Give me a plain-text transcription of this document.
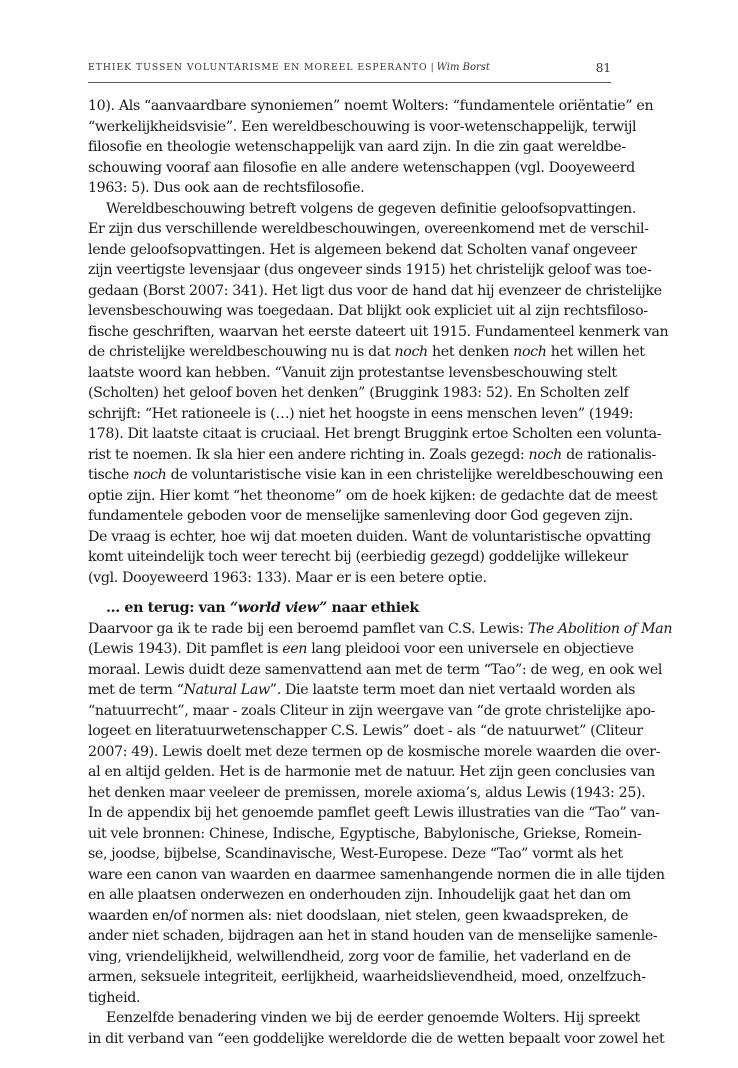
ETHIEK TUSSEN VOLUNTARISME EN MOREEL ESPERANTO | Wim Borst	81
10). Als “aanvaardbare synoniemen” noemt Wolters: “fundamentele oriëntatie” en
“werkelijkheidsvisie”. Een wereldbeschouwing is voor-wetenschappelijk, terwijl
filosofie en theologie wetenschappelijk van aard zijn. In die zin gaat wereldbe-
schouwing vooraf aan filosofie en alle andere wetenschappen (vgl. Dooyeweerd
1963: 5). Dus ook aan de rechtsfilosofie.
Wereldbeschouwing betreft volgens de gegeven definitie geloofsopvattingen.
Er zijn dus verschillende wereldbeschouwingen, overeenkomend met de verschil-
lende geloofsopvattingen. Het is algemeen bekend dat Scholten vanaf ongeveer
zijn veertigste levensjaar (dus ongeveer sinds 1915) het christelijk geloof was toe-
gedaan (Borst 2007: 341). Het ligt dus voor de hand dat hij evenzeer de christelijke
levensbeschouwing was toegedaan. Dat blijkt ook expliciet uit al zijn rechtsfiloso-
fische geschriften, waarvan het eerste dateert uit 1915. Fundamenteel kenmerk van
de christelijke wereldbeschouwing nu is dat noch het denken noch het willen het
laatste woord kan hebben. “Vanuit zijn protestantse levensbeschouwing stelt
(Scholten) het geloof boven het denken” (Bruggink 1983: 52). En Scholten zelf
schrijft: “Het rationeele is (…) niet het hoogste in eens menschen leven” (1949:
178). Dit laatste citaat is cruciaal. Het brengt Bruggink ertoe Scholten een volunta-
rist te noemen. Ik sla hier een andere richting in. Zoals gezegd: noch de rationalis-
tische noch de voluntaristische visie kan in een christelijke wereldbeschouwing een
optie zijn. Hier komt “het theonome” om de hoek kijken: de gedachte dat de meest
fundamentele geboden voor de menselijke samenleving door God gegeven zijn.
De vraag is echter, hoe wij dat moeten duiden. Want de voluntaristische opvatting
komt uiteindelijk toch weer terecht bij (eerbiedig gezegd) goddelijke willekeur
(vgl. Dooyeweerd 1963: 133). Maar er is een betere optie.
… en terug: van “world view” naar ethiek
Daarvoor ga ik te rade bij een beroemd pamflet van C.S. Lewis: The Abolition of Man
(Lewis 1943). Dit pamflet is een lang pleidooi voor een universele en objectieve
moraal. Lewis duidt deze samenvattend aan met de term “Tao”: de weg, en ook wel
met de term “Natural Law”. Die laatste term moet dan niet vertaald worden als
“natuurrecht”, maar - zoals Cliteur in zijn weergave van “de grote christelijke apo-
logeet en literatuurwetenschapper C.S. Lewis” doet - als “de natuurwet” (Cliteur
2007: 49). Lewis doelt met deze termen op de kosmische morele waarden die over-
al en altijd gelden. Het is de harmonie met de natuur. Het zijn geen conclusies van
het denken maar veeleer de premissen, morele axioma’s, aldus Lewis (1943: 25).
In de appendix bij het genoemde pamflet geeft Lewis illustraties van die “Tao” van-
uit vele bronnen: Chinese, Indische, Egyptische, Babylonische, Griekse, Romein-
se, joodse, bijbelse, Scandinavische, West-Europese. Deze “Tao” vormt als het
ware een canon van waarden en daarmee samenhangende normen die in alle tijden
en alle plaatsen onderwezen en onderhouden zijn. Inhoudelijk gaat het dan om
waarden en/of normen als: niet doodslaan, niet stelen, geen kwaadspreken, de
ander niet schaden, bijdragen aan het in stand houden van de menselijke samenle-
ving, vriendelijkheid, welwillendheid, zorg voor de familie, het vaderland en de
armen, seksuele integriteit, eerlijkheid, waarheidslievendheid, moed, onzelfzuch-
tigheid.
Eenzelfde benadering vinden we bij de eerder genoemde Wolters. Hij spreekt
in dit verband van “een goddelijke wereldorde die de wetten bepaalt voor zowel het
